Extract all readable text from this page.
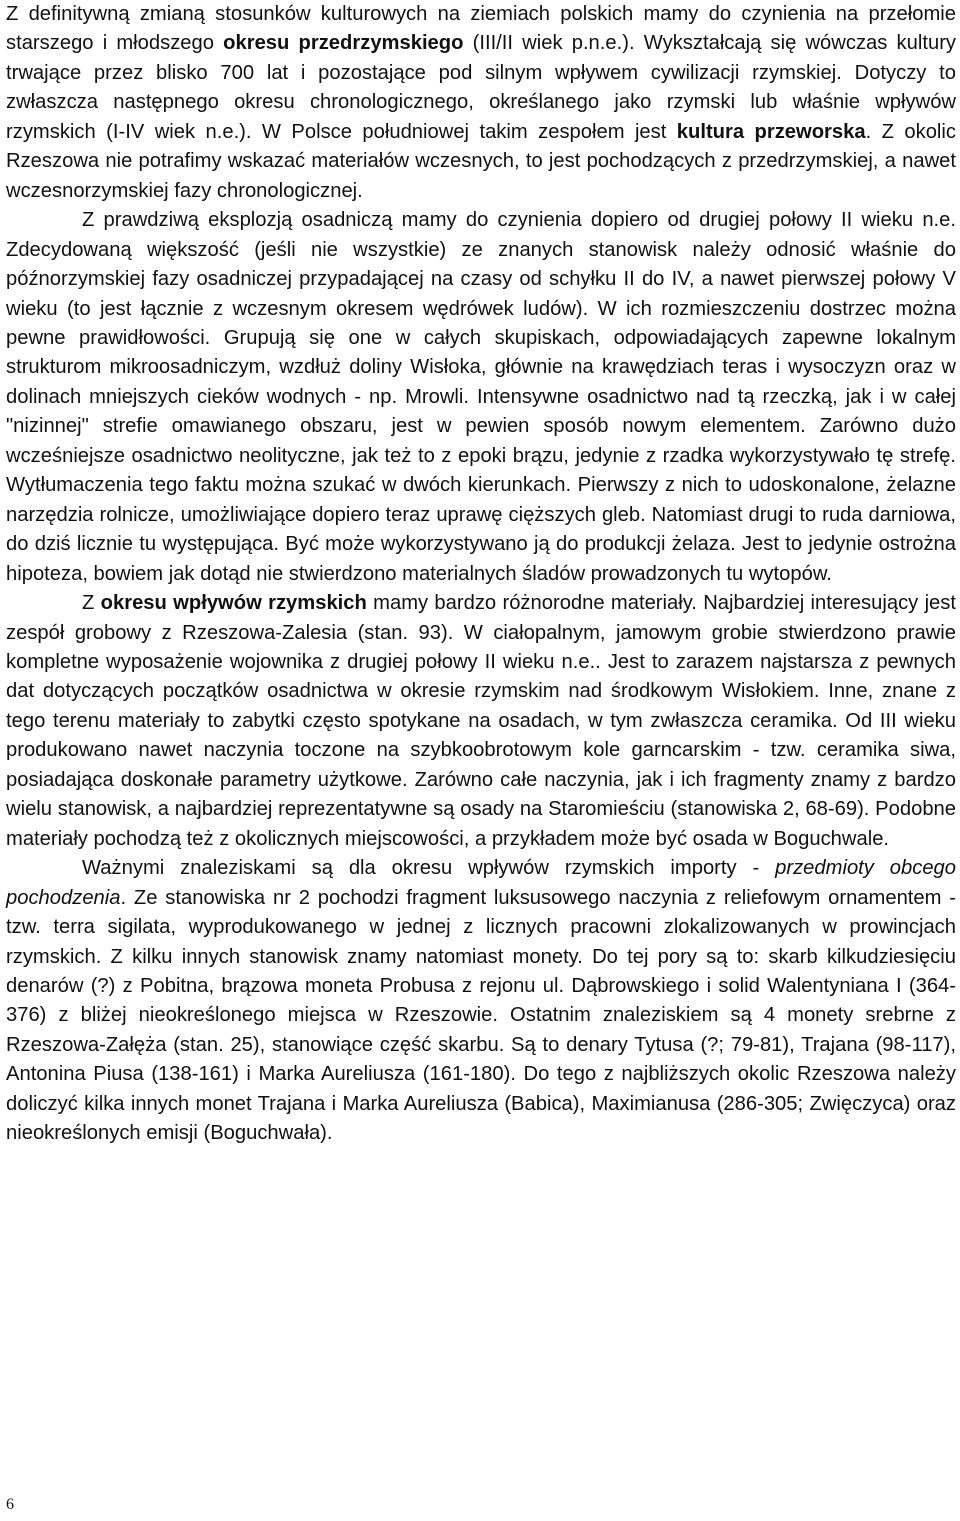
Z definitywną zmianą stosunków kulturowych na ziemiach polskich mamy do czynienia na przełomie starszego i młodszego okresu przedrzymskiego (III/II wiek p.n.e.). Wykształcają się wówczas kultury trwające przez blisko 700 lat i pozostające pod silnym wpływem cywilizacji rzymskiej. Dotyczy to zwłaszcza następnego okresu chronologicznego, określanego jako rzymski lub właśnie wpływów rzymskich (I-IV wiek n.e.). W Polsce południowej takim zespołem jest kultura przeworska. Z okolic Rzeszowa nie potrafimy wskazać materiałów wczesnych, to jest pochodzących z przedrzymskiej, a nawet wczesnorzymskiej fazy chronologicznej.

Z prawdziwą eksplozją osadniczą mamy do czynienia dopiero od drugiej połowy II wieku n.e. Zdecydowaną większość (jeśli nie wszystkie) ze znanych stanowisk należy odnosić właśnie do późnorzymskiej fazy osadniczej przypadającej na czasy od schyłku II do IV, a nawet pierwszej połowy V wieku (to jest łącznie z wczesnym okresem wędrówek ludów). W ich rozmieszczeniu dostrzec można pewne prawidłowości. Grupują się one w całych skupiskach, odpowiadających zapewne lokalnym strukturom mikroosadniczym, wzdłuż doliny Wisłoka, głównie na krawędziach teras i wysoczyzn oraz w dolinach mniejszych cieków wodnych - np. Mrowli. Intensywne osadnictwo nad tą rzeczką, jak i w całej "nizinnej" strefie omawianego obszaru, jest w pewien sposób nowym elementem. Zarówno dużo wcześniejsze osadnictwo neolityczne, jak też to z epoki brązu, jedynie z rzadka wykorzystywało tę strefę. Wytłumaczenia tego faktu można szukać w dwóch kierunkach. Pierwszy z nich to udoskonalone, żelazne narzędzia rolnicze, umożliwiające dopiero teraz uprawę cięższych gleb. Natomiast drugi to ruda darniowa, do dziś licznie tu występująca. Być może wykorzystywano ją do produkcji żelaza. Jest to jedynie ostrożna hipoteza, bowiem jak dotąd nie stwierdzono materialnych śladów prowadzonych tu wytopów.

Z okresu wpływów rzymskich mamy bardzo różnorodne materiały. Najbardziej interesujący jest zespół grobowy z Rzeszowa-Zalesia (stan. 93). W ciałopalnym, jamowym grobie stwierdzono prawie kompletne wyposażenie wojownika z drugiej połowy II wieku n.e.. Jest to zarazem najstarsza z pewnych dat dotyczących początków osadnictwa w okresie rzymskim nad środkowym Wisłokiem. Inne, znane z tego terenu materiały to zabytki często spotykane na osadach, w tym zwłaszcza ceramika. Od III wieku produkowano nawet naczynia toczone na szybkoobrotowym kole garncarskim - tzw. ceramika siwa, posiadająca doskonałe parametry użytkowe. Zarówno całe naczynia, jak i ich fragmenty znamy z bardzo wielu stanowisk, a najbardziej reprezentatywne są osady na Staromieściu (stanowiska 2, 68-69). Podobne materiały pochodzą też z okolicznych miejscowości, a przykładem może być osada w Boguchwale.

Ważnymi znaleziskami są dla okresu wpływów rzymskich importy - przedmioty obcego pochodzenia. Ze stanowiska nr 2 pochodzi fragment luksusowego naczynia z reliefowym ornamentem - tzw. terra sigilata, wyprodukowanego w jednej z licznych pracowni zlokalizowanych w prowincjach rzymskich. Z kilku innych stanowisk znamy natomiast monety. Do tej pory są to: skarb kilkudziesięciu denarów (?) z Pobitna, brązowa moneta Probusa z rejonu ul. Dąbrowskiego i solid Walentyniana I (364-376) z bliżej nieokreślonego miejsca w Rzeszowie. Ostatnim znaleziskiem są 4 monety srebrne z Rzeszowa-Załęża (stan. 25), stanowiące część skarbu. Są to denary Tytusa (?; 79-81), Trajana (98-117), Antonina Piusa (138-161) i Marka Aureliusza (161-180). Do tego z najbliższych okolic Rzeszowa należy doliczyć kilka innych monet Trajana i Marka Aureliusza (Babica), Maximianusa (286-305; Zwięczyca) oraz nieokreślonych emisji (Boguchwała).

6
